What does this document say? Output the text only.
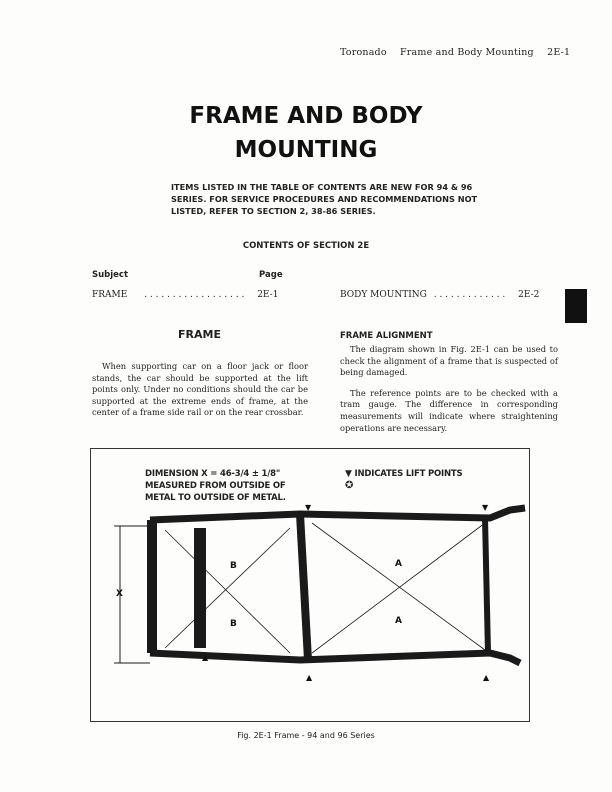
Toronado Frame and Body Mounting 2E-1
FRAME AND BODY
MOUNTING
ITEMS LISTED IN THE TABLE OF CONTENTS ARE NEW FOR 94 & 96 SERIES. FOR SERVICE PROCEDURES AND RECOMMENDATIONS NOT LISTED, REFER TO SECTION 2, 38-86 SERIES.
CONTENTS OF SECTION 2E
Subject	Page
FRAME . . . . . . . . . . . . . . . . . . 2E-1	BODY MOUNTING . . . . . . . . . . . . . 2E-2
FRAME

When supporting car on a floor jack or floor stands, the car should be supported at the lift points only. Under no conditions should the car be supported at the extreme ends of frame, at the center of a frame side rail or on the rear crossbar.

FRAME ALIGNMENT

The diagram shown in Fig. 2E-1 can be used to check the alignment of a frame that is suspected of being damaged.

The reference points are to be checked with a tram gauge. The difference in corresponding measurements will indicate where straightening operations are necessary.

DIMENSION X = 46-3/4 ± 1/8"
MEASURED FROM OUTSIDE OF
METAL TO OUTSIDE OF METAL.
▼ INDICATES LIFT POINTS
✪
X
B
B
A
A
▲
▲	▲
▼	▼
Fig. 2E-1 Frame - 94 and 96 Series
